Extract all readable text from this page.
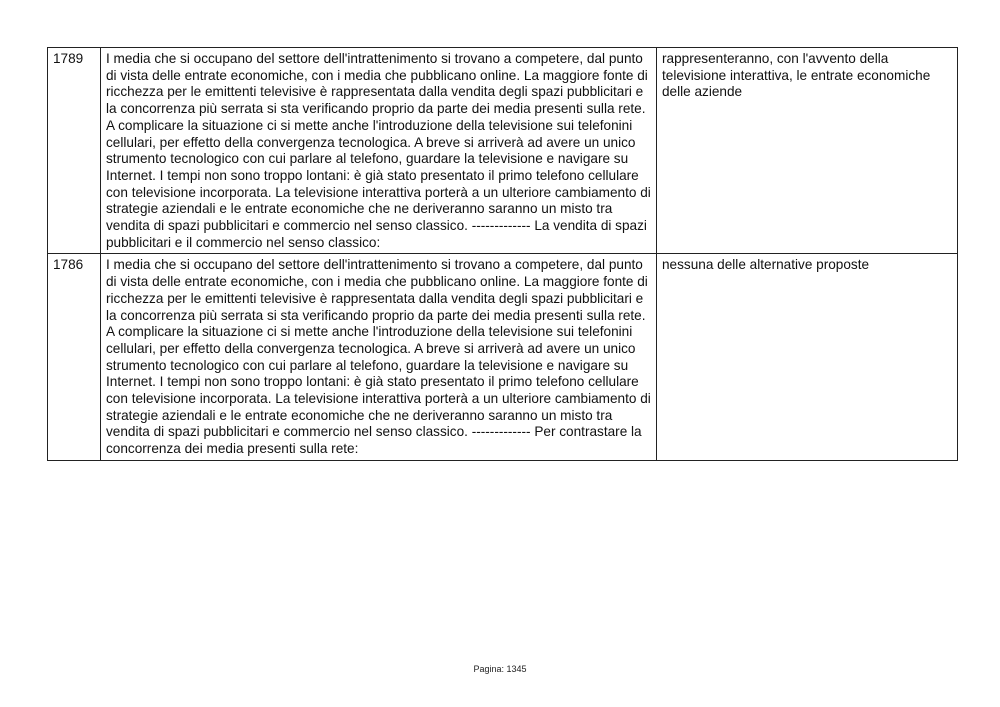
1789	I media che si occupano del settore dell'intrattenimento si trovano a competere, dal punto di vista delle entrate economiche, con i media che pubblicano online. La maggiore fonte di ricchezza per le emittenti televisive è rappresentata dalla vendita degli spazi pubblicitari e la concorrenza più serrata si sta verificando proprio da parte dei media presenti sulla rete. A complicare la situazione ci si mette anche l'introduzione della televisione sui telefonini cellulari, per effetto della convergenza tecnologica. A breve si arriverà ad avere un unico strumento tecnologico con cui parlare al telefono, guardare la televisione e navigare su Internet. I tempi non sono troppo lontani: è già stato presentato il primo telefono cellulare con televisione incorporata. La televisione interattiva porterà a un ulteriore cambiamento di strategie aziendali e le entrate economiche che ne deriveranno saranno un misto tra vendita di spazi pubblicitari e commercio nel senso classico. ------------- La vendita di spazi pubblicitari e il commercio nel senso classico:	rappresenteranno, con l'avvento della televisione interattiva, le entrate economiche delle aziende
1786	I media che si occupano del settore dell'intrattenimento si trovano a competere, dal punto di vista delle entrate economiche, con i media che pubblicano online. La maggiore fonte di ricchezza per le emittenti televisive è rappresentata dalla vendita degli spazi pubblicitari e la concorrenza più serrata si sta verificando proprio da parte dei media presenti sulla rete. A complicare la situazione ci si mette anche l'introduzione della televisione sui telefonini cellulari, per effetto della convergenza tecnologica. A breve si arriverà ad avere un unico strumento tecnologico con cui parlare al telefono, guardare la televisione e navigare su Internet. I tempi non sono troppo lontani: è già stato presentato il primo telefono cellulare con televisione incorporata. La televisione interattiva porterà a un ulteriore cambiamento di strategie aziendali e le entrate economiche che ne deriveranno saranno un misto tra vendita di spazi pubblicitari e commercio nel senso classico. ------------- Per contrastare la concorrenza dei media presenti sulla rete:	nessuna delle alternative proposte
Pagina: 1345
